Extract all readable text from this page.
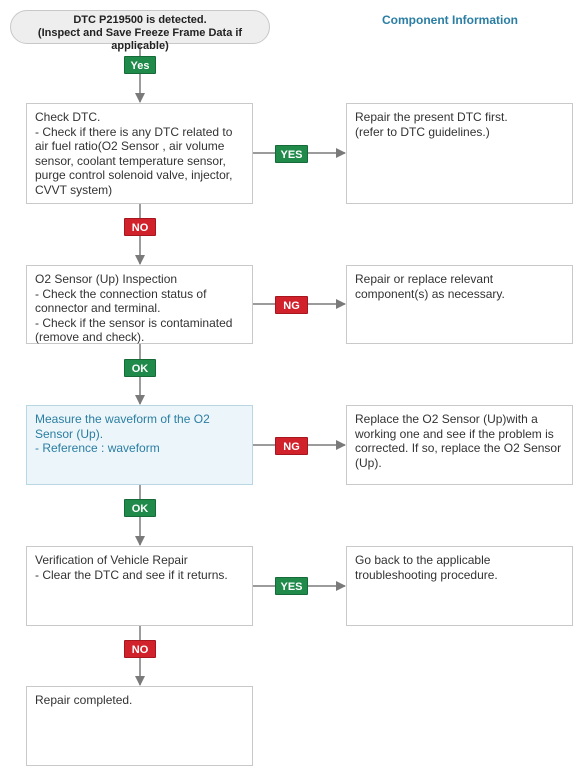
DTC P219500 is detected.
(Inspect and Save Freeze Frame Data if applicable)
Component Information
Yes
Check DTC.
- Check if there is any DTC related to
air fuel ratio(O2 Sensor , air volume
sensor, coolant temperature sensor,
purge control solenoid valve, injector,
CVVT system)
YES
Repair the present DTC first.
(refer to DTC guidelines.)
NO
O2 Sensor (Up) Inspection
- Check the connection status of
connector and terminal.
- Check if the sensor is contaminated
(remove and check).
NG
Repair or replace relevant
component(s) as necessary.
OK
Measure the waveform of the O2
Sensor (Up).
- Reference : waveform	NG
Replace the O2 Sensor (Up)with a
working one and see if the problem is
corrected. If so, replace the O2 Sensor
(Up).
OK
Verification of Vehicle Repair
- Clear the DTC and see if it returns.
YES
Go back to the applicable
troubleshooting procedure.
NO
Repair completed.
